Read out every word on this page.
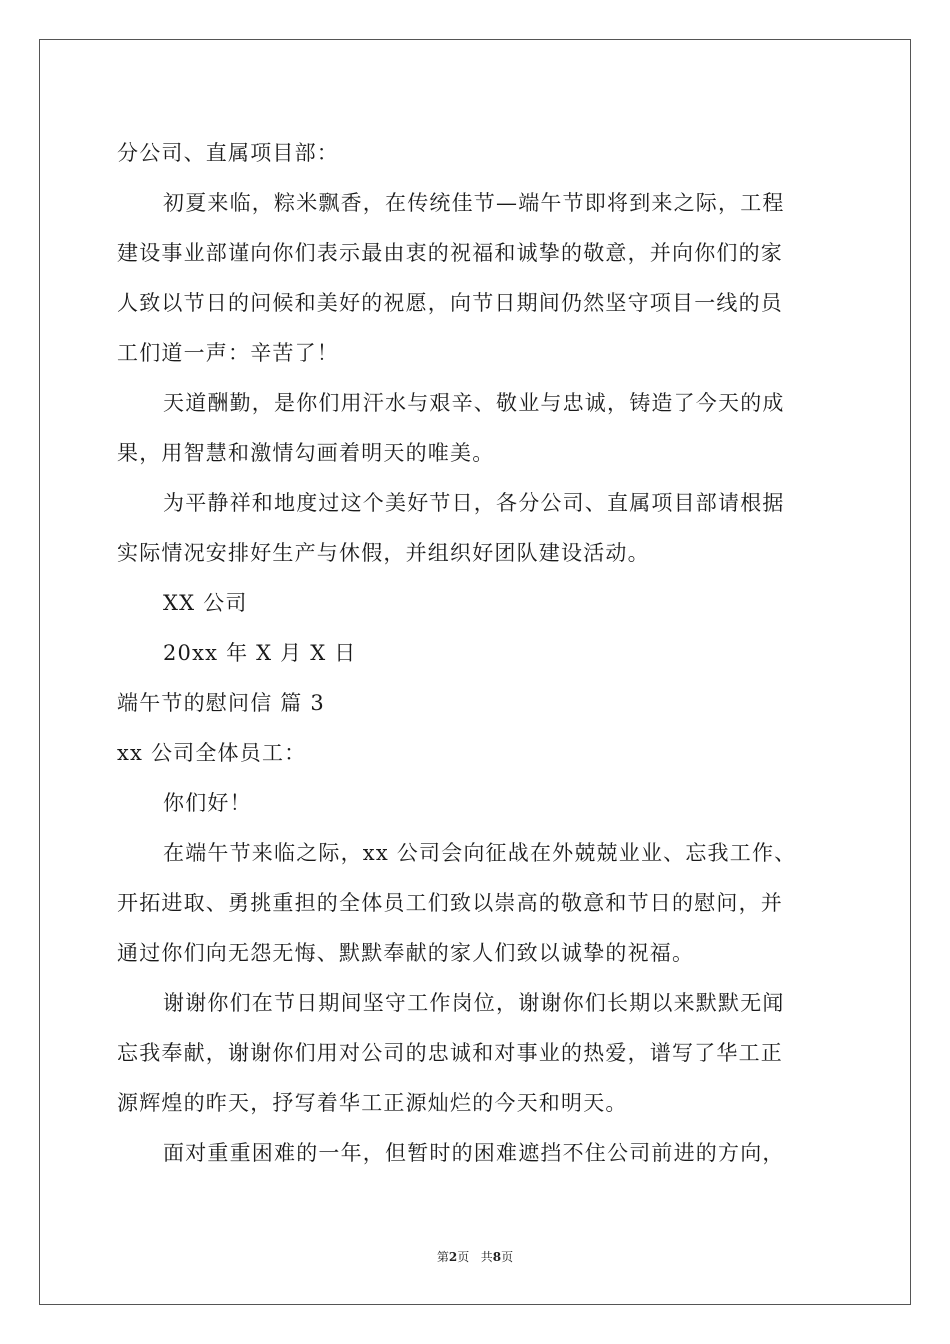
分公司、直属项目部：
初夏来临，粽米飘香，在传统佳节—端午节即将到来之际，工程
建设事业部谨向你们表示最由衷的祝福和诚挚的敬意，并向你们的家
人致以节日的问候和美好的祝愿，向节日期间仍然坚守项目一线的员
工们道一声：辛苦了！
天道酬勤，是你们用汗水与艰辛、敬业与忠诚，铸造了今天的成
果，用智慧和激情勾画着明天的唯美。
为平静祥和地度过这个美好节日，各分公司、直属项目部请根据
实际情况安排好生产与休假，并组织好团队建设活动。
XX 公司
20xx 年 X 月 X 日
端午节的慰问信 篇 3
xx 公司全体员工：
你们好！
在端午节来临之际，xx 公司会向征战在外兢兢业业、忘我工作、
开拓进取、勇挑重担的全体员工们致以崇高的敬意和节日的慰问，并
通过你们向无怨无悔、默默奉献的家人们致以诚挚的祝福。
谢谢你们在节日期间坚守工作岗位，谢谢你们长期以来默默无闻
忘我奉献，谢谢你们用对公司的忠诚和对事业的热爱，谱写了华工正
源辉煌的昨天，抒写着华工正源灿烂的今天和明天。
面对重重困难的一年，但暂时的困难遮挡不住公司前进的方向，
第2页 共8页
